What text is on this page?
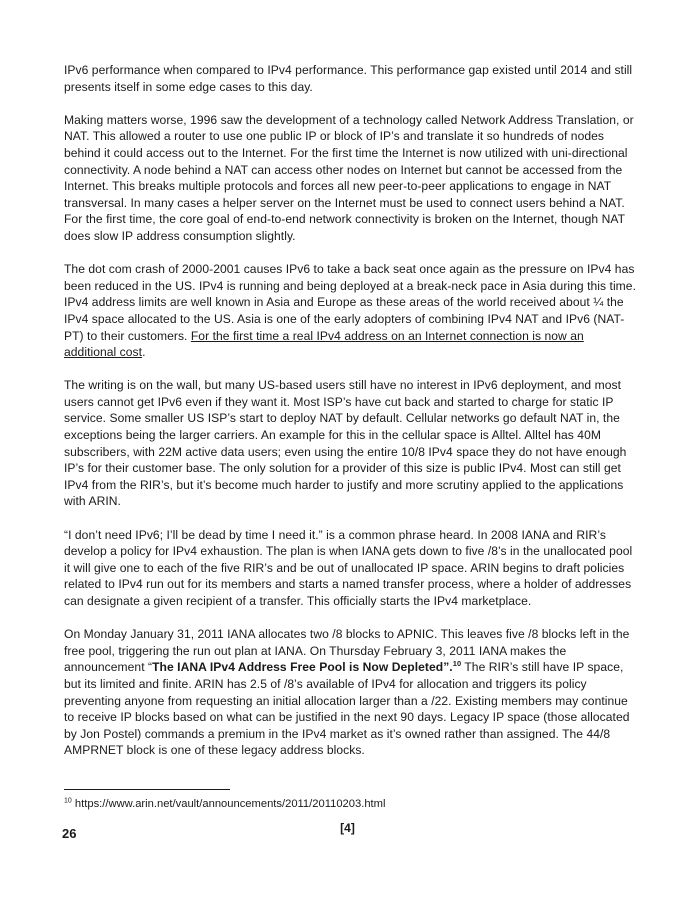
IPv6 performance when compared to IPv4 performance. This performance gap existed until 2014 and still presents itself in some edge cases to this day.

Making matters worse, 1996 saw the development of a technology called Network Address Translation, or NAT. This allowed a router to use one public IP or block of IP’s and translate it so hundreds of nodes behind it could access out to the Internet. For the first time the Internet is now utilized with uni-directional connectivity. A node behind a NAT can access other nodes on Internet but cannot be accessed from the Internet. This breaks multiple protocols and forces all new peer-to-peer applications to engage in NAT transversal. In many cases a helper server on the Internet must be used to connect users behind a NAT. For the first time, the core goal of end-to-end network connectivity is broken on the Internet, though NAT does slow IP address consumption slightly.

The dot com crash of 2000-2001 causes IPv6 to take a back seat once again as the pressure on IPv4 has been reduced in the US. IPv4 is running and being deployed at a break-neck pace in Asia during this time. IPv4 address limits are well known in Asia and Europe as these areas of the world received about ¼ the IPv4 space allocated to the US. Asia is one of the early adopters of combining IPv4 NAT and IPv6 (NAT-PT) to their customers. For the first time a real IPv4 address on an Internet connection is now an additional cost.

The writing is on the wall, but many US-based users still have no interest in IPv6 deployment, and most users cannot get IPv6 even if they want it. Most ISP’s have cut back and started to charge for static IP service. Some smaller US ISP’s start to deploy NAT by default. Cellular networks go default NAT in, the exceptions being the larger carriers. An example for this in the cellular space is Alltel. Alltel has 40M subscribers, with 22M active data users; even using the entire 10/8 IPv4 space they do not have enough IP’s for their customer base. The only solution for a provider of this size is public IPv4. Most can still get IPv4 from the RIR’s, but it’s become much harder to justify and more scrutiny applied to the applications with ARIN.

“I don’t need IPv6; I’ll be dead by time I need it.” is a common phrase heard. In 2008 IANA and RIR’s develop a policy for IPv4 exhaustion. The plan is when IANA gets down to five /8’s in the unallocated pool it will give one to each of the five RIR’s and be out of unallocated IP space. ARIN begins to draft policies related to IPv4 run out for its members and starts a named transfer process, where a holder of addresses can designate a given recipient of a transfer. This officially starts the IPv4 marketplace.

On Monday January 31, 2011 IANA allocates two /8 blocks to APNIC. This leaves five /8 blocks left in the free pool, triggering the run out plan at IANA. On Thursday February 3, 2011 IANA makes the announcement “The IANA IPv4 Address Free Pool is Now Depleted”.$^{10}$ The RIR’s still have IP space, but its limited and finite. ARIN has 2.5 of /8’s available of IPv4 for allocation and triggers its policy preventing anyone from requesting an initial allocation larger than a /22. Existing members may continue to receive IP blocks based on what can be justified in the next 90 days. Legacy IP space (those allocated by Jon Postel) commands a premium in the IPv4 market as it’s owned rather than assigned. The 44/8 AMPRNET block is one of these legacy address blocks.

$^{10}$ https://www.arin.net/vault/announcements/2011/20110203.html
26	[4]
